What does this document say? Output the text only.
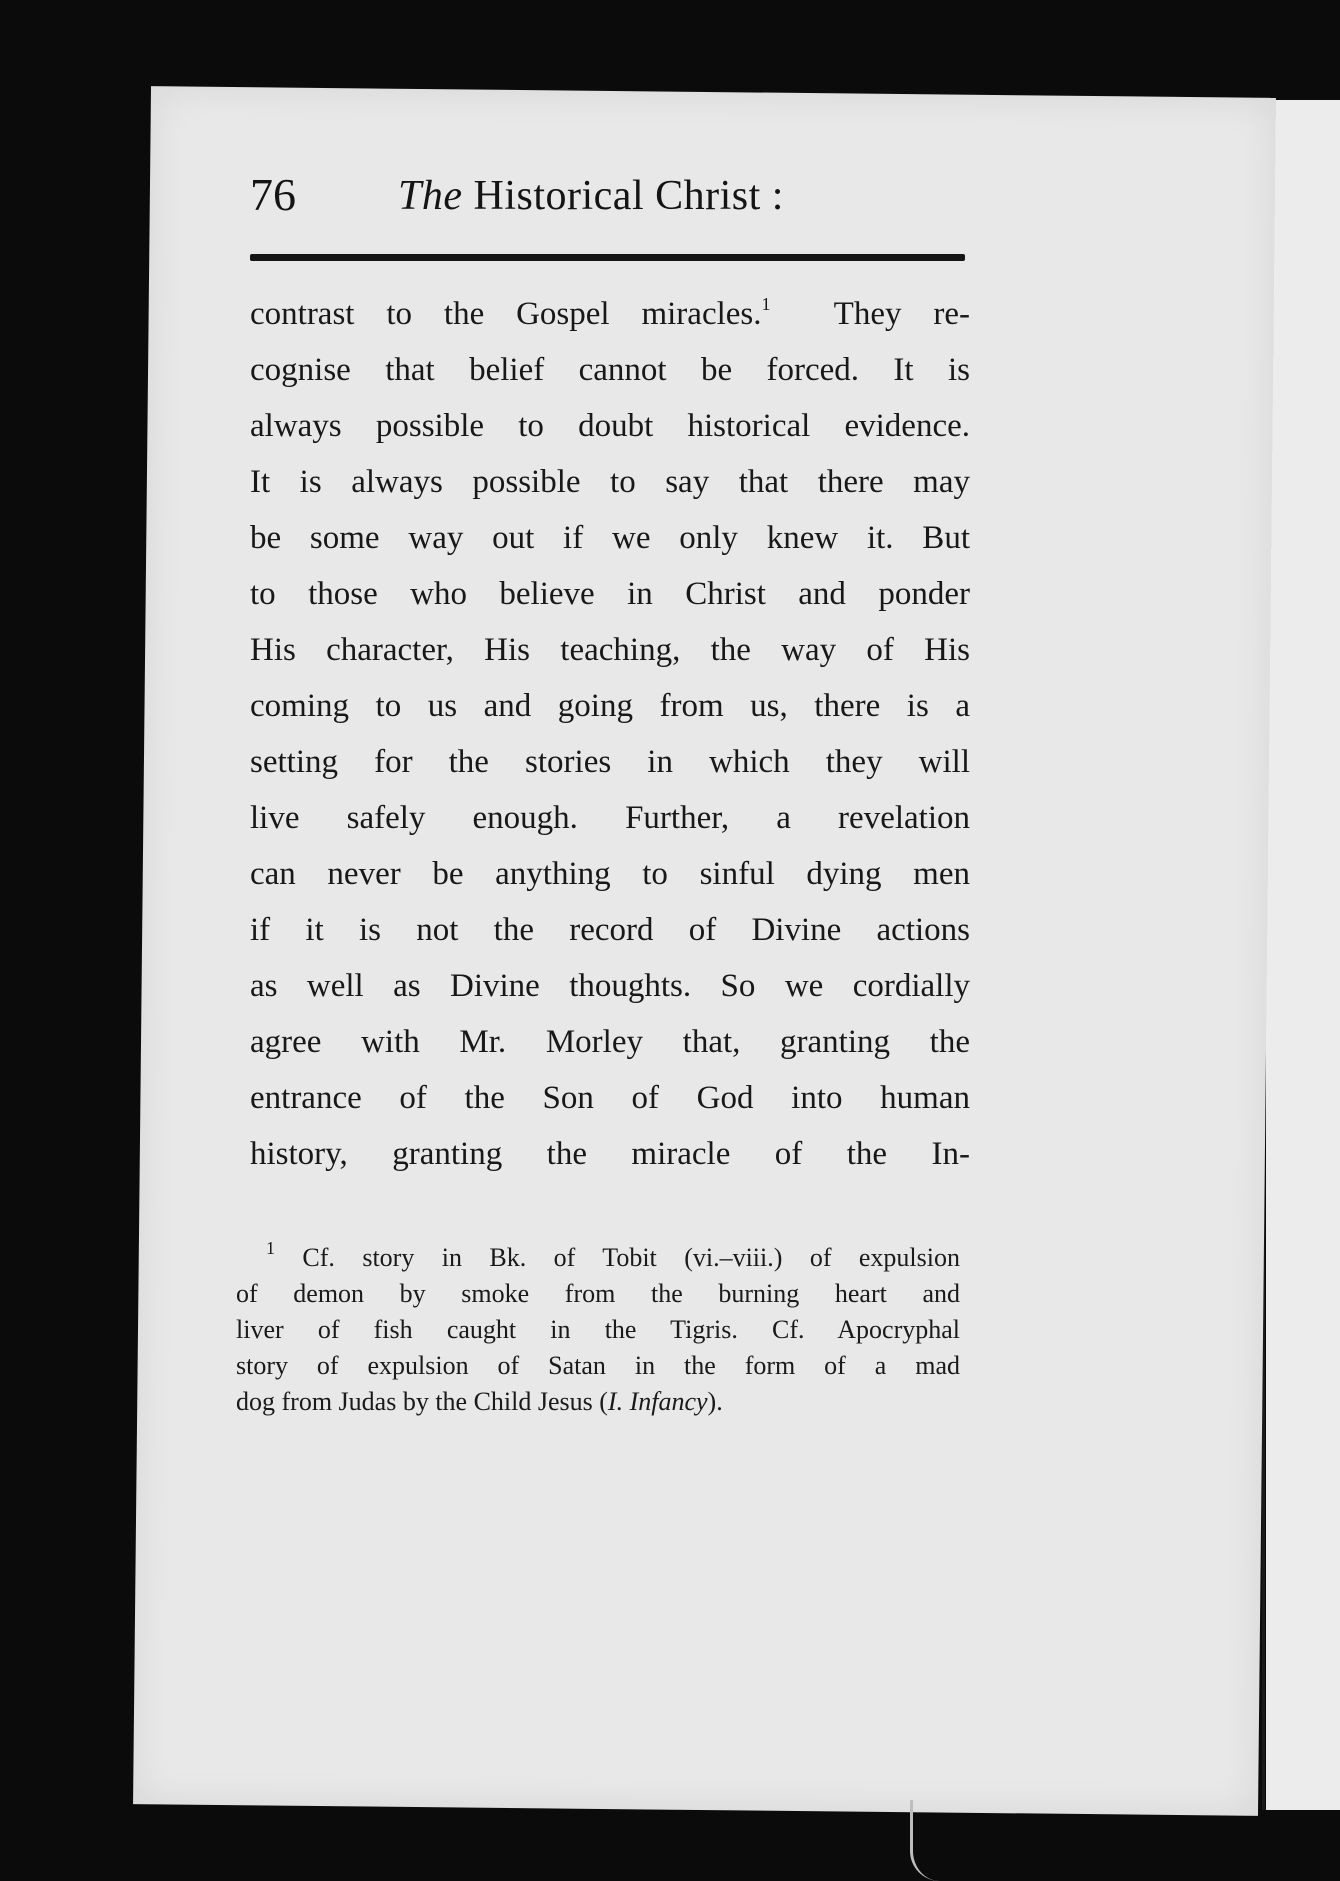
76 The Historical Christ :
contrast to the Gospel miracles.$^1$  They re-
cognise that belief cannot be forced. It is
always possible to doubt historical evidence.
It is always possible to say that there may
be some way out if we only knew it. But
to those who believe in Christ and ponder
His character, His teaching, the way of His
coming to us and going from us, there is a
setting for the stories in which they will
live safely enough. Further, a revelation
can never be anything to sinful dying men
if it is not the record of Divine actions
as well as Divine thoughts. So we cordially
agree with Mr. Morley that, granting the
entrance of the Son of God into human
history, granting the miracle of the In-
$^1$ Cf. story in Bk. of Tobit (vi.–viii.) of expulsion
of demon by smoke from the burning heart and
liver of fish caught in the Tigris. Cf. Apocryphal
story of expulsion of Satan in the form of a mad
dog from Judas by the Child Jesus (I. Infancy).
